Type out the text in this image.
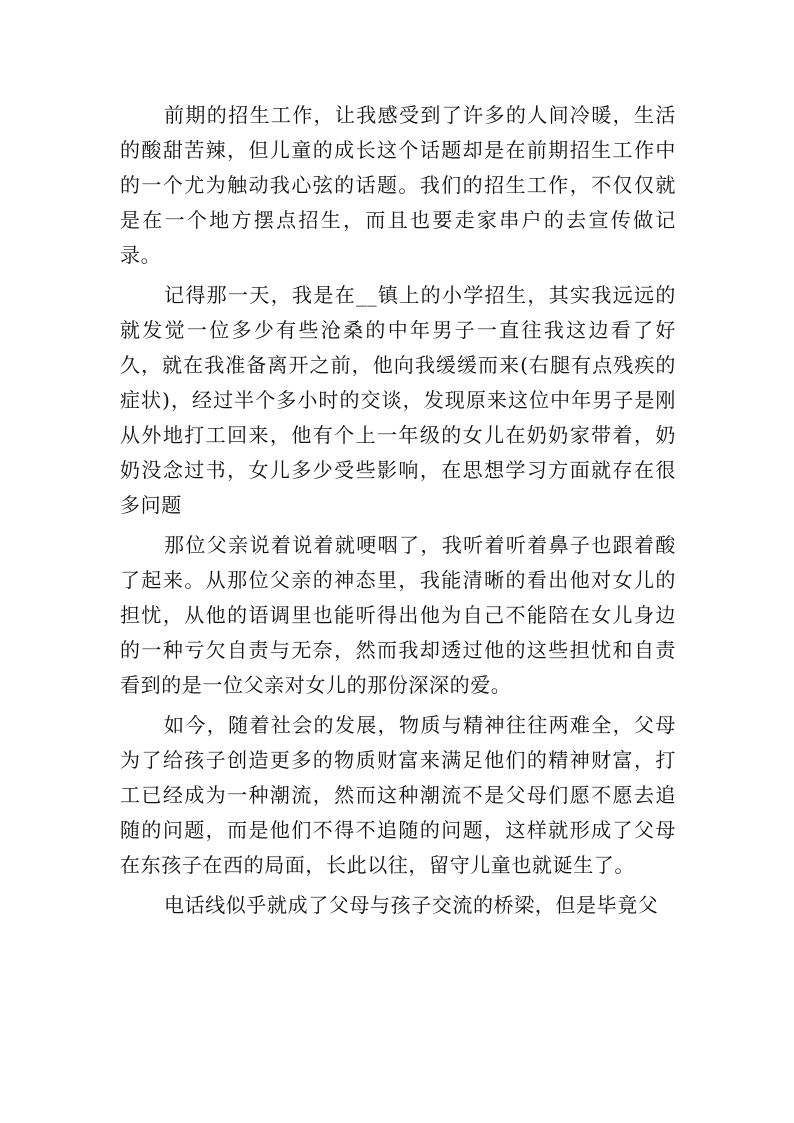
前期的招生工作，让我感受到了许多的人间冷暖，生活的酸甜苦辣，但儿童的成长这个话题却是在前期招生工作中的一个尤为触动我心弦的话题。我们的招生工作，不仅仅就是在一个地方摆点招生，而且也要走家串户的去宣传做记录。

记得那一天，我是在__镇上的小学招生，其实我远远的就发觉一位多少有些沧桑的中年男子一直往我这边看了好久，就在我准备离开之前，他向我缓缓而来(右腿有点残疾的症状)，经过半个多小时的交谈，发现原来这位中年男子是刚从外地打工回来，他有个上一年级的女儿在奶奶家带着，奶奶没念过书，女儿多少受些影响，在思想学习方面就存在很多问题

那位父亲说着说着就哽咽了，我听着听着鼻子也跟着酸了起来。从那位父亲的神态里，我能清晰的看出他对女儿的担忧，从他的语调里也能听得出他为自己不能陪在女儿身边的一种亏欠自责与无奈，然而我却透过他的这些担忧和自责看到的是一位父亲对女儿的那份深深的爱。

如今，随着社会的发展，物质与精神往往两难全，父母为了给孩子创造更多的物质财富来满足他们的精神财富，打工已经成为一种潮流，然而这种潮流不是父母们愿不愿去追随的问题，而是他们不得不追随的问题，这样就形成了父母在东孩子在西的局面，长此以往，留守儿童也就诞生了。

电话线似乎就成了父母与孩子交流的桥梁，但是毕竟父
